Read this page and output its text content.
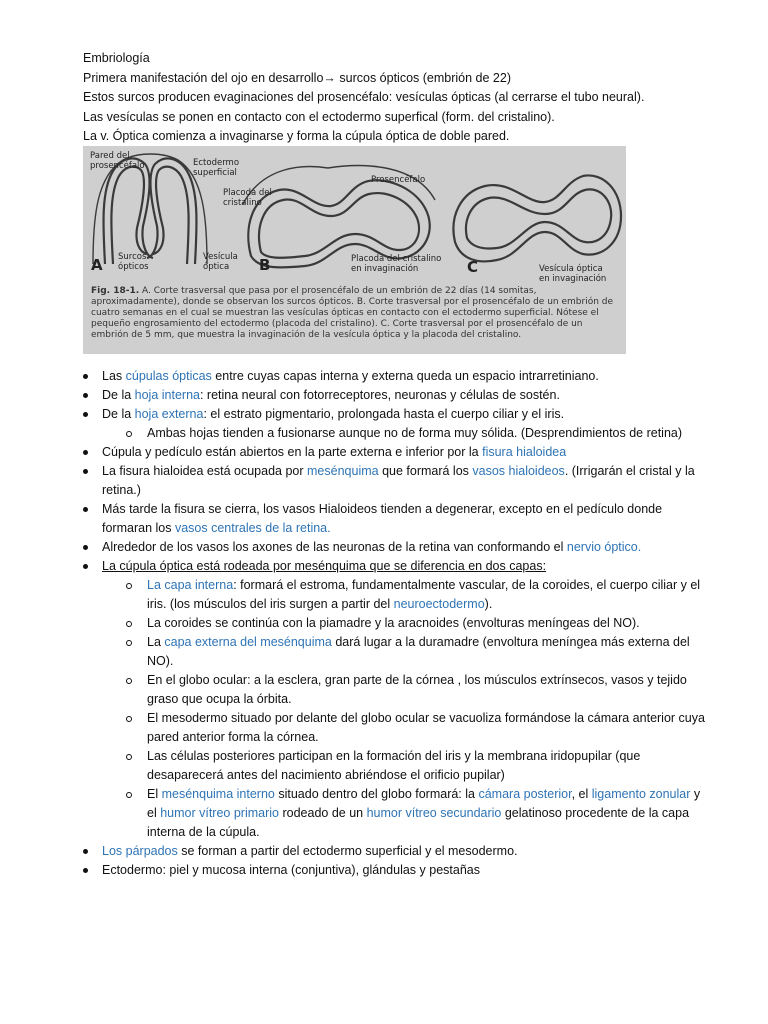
Embriología
Primera manifestación del ojo en desarrollo→ surcos ópticos (embrión de 22)
Estos surcos producen evaginaciones del prosencéfalo: vesículas ópticas (al cerrarse el tubo neural).
Las vesículas se ponen en contacto con el ectodermo superfical (form. del cristalino).
La v. Óptica comienza a invaginarse y forma la cúpula óptica de doble pared.
Pared del
prosencéfalo	Ectodermo
superficial
Placoda del
cristalino
Prosencéfalo
Surcos
ópticos
Vesícula
óptica
Placoda del cristalino
en invaginación	Vesícula óptica
en invaginación
A	B	C
Fig. 18-1. A. Corte trasversal que pasa por el prosencéfalo de un embrión de 22 días (14 somitas, aproximadamente), donde se observan los surcos ópticos. B. Corte trasversal por el prosencéfalo de un embrión de cuatro semanas en el cual se muestran las vesículas ópticas en contacto con el ectodermo superficial. Nótese el pequeño engrosamiento del ectodermo (placoda del cristalino). C. Corte trasversal por el prosencéfalo de un embrión de 5 mm, que muestra la invaginación de la vesícula óptica y la placoda del cristalino.
Las cúpulas ópticas entre cuyas capas interna y externa queda un espacio intrarretiniano.
De la hoja interna: retina neural con fotorreceptores, neuronas y células de sostén.
De la hoja externa: el estrato pigmentario, prolongada hasta el cuerpo ciliar y el iris.
Ambas hojas tienden a fusionarse aunque no de forma muy sólida. (Desprendimientos de retina)
Cúpula y pedículo están abiertos en la parte externa e inferior por la fisura hialoidea
La fisura hialoidea está ocupada por mesénquima que formará los vasos hialoideos. (Irrigarán el cristal y la retina.)
Más tarde la fisura se cierra, los vasos Hialoideos tienden a degenerar, excepto en el pedículo donde formaran los vasos centrales de la retina.
Alrededor de los vasos los axones de las neuronas de la retina van conformando el nervio óptico.
La cúpula óptica está rodeada por mesénquima que se diferencia en dos capas:
La capa interna: formará el estroma, fundamentalmente vascular, de la coroides, el cuerpo ciliar y el iris. (los músculos del iris surgen a partir del neuroectodermo).
La coroides se continúa con la piamadre y la aracnoides (envolturas meníngeas del NO).
La capa externa del mesénquima dará lugar a la duramadre (envoltura meníngea más externa del NO).
En el globo ocular: a la esclera, gran parte de la córnea , los músculos extrínsecos, vasos y tejido graso que ocupa la órbita.
El mesodermo situado por delante del globo ocular se vacuoliza formándose la cámara anterior cuya pared anterior forma la córnea.
Las células posteriores participan en la formación del iris y la membrana iridopupilar (que desaparecerá antes del nacimiento abriéndose el orificio pupilar)
El mesénquima interno situado dentro del globo formará: la cámara posterior, el ligamento zonular y el humor vítreo primario rodeado de un humor vítreo secundario gelatinoso procedente de la capa interna de la cúpula.
Los párpados se forman a partir del ectodermo superficial y el mesodermo.
Ectodermo: piel y mucosa interna (conjuntiva), glándulas y pestañas
